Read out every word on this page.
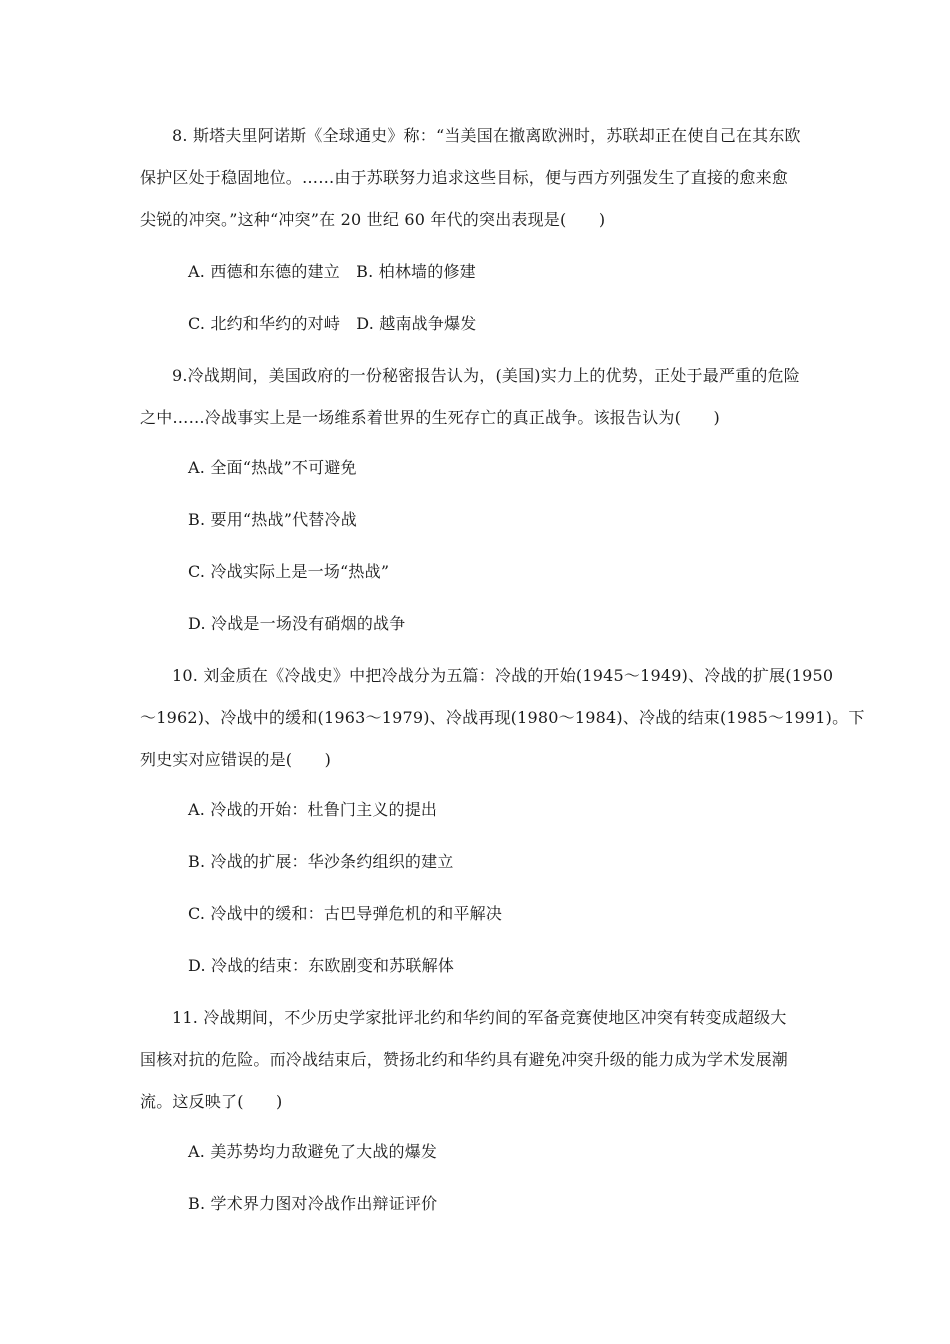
8. 斯塔夫里阿诺斯《全球通史》称：“当美国在撤离欧洲时，苏联却正在使自己在其东欧
保护区处于稳固地位。……由于苏联努力追求这些目标，便与西方列强发生了直接的愈来愈
尖锐的冲突。”这种“冲突”在 20 世纪 60 年代的突出表现是(　　)
A. 西德和东德的建立　B. 柏林墙的修建
C. 北约和华约的对峙　D. 越南战争爆发
9.冷战期间，美国政府的一份秘密报告认为，(美国)实力上的优势，正处于最严重的危险
之中……冷战事实上是一场维系着世界的生死存亡的真正战争。该报告认为(　　)
A. 全面“热战”不可避免
B. 要用“热战”代替冷战
C. 冷战实际上是一场“热战”
D. 冷战是一场没有硝烟的战争
10. 刘金质在《冷战史》中把冷战分为五篇：冷战的开始(1945～1949)、冷战的扩展(1950
～1962)、冷战中的缓和(1963～1979)、冷战再现(1980～1984)、冷战的结束(1985～1991)。下
列史实对应错误的是(　　)
A. 冷战的开始：杜鲁门主义的提出
B. 冷战的扩展：华沙条约组织的建立
C. 冷战中的缓和：古巴导弹危机的和平解决
D. 冷战的结束：东欧剧变和苏联解体
11. 冷战期间，不少历史学家批评北约和华约间的军备竞赛使地区冲突有转变成超级大
国核对抗的危险。而冷战结束后，赞扬北约和华约具有避免冲突升级的能力成为学术发展潮
流。这反映了(　　)
A. 美苏势均力敌避免了大战的爆发
B. 学术界力图对冷战作出辩证评价
